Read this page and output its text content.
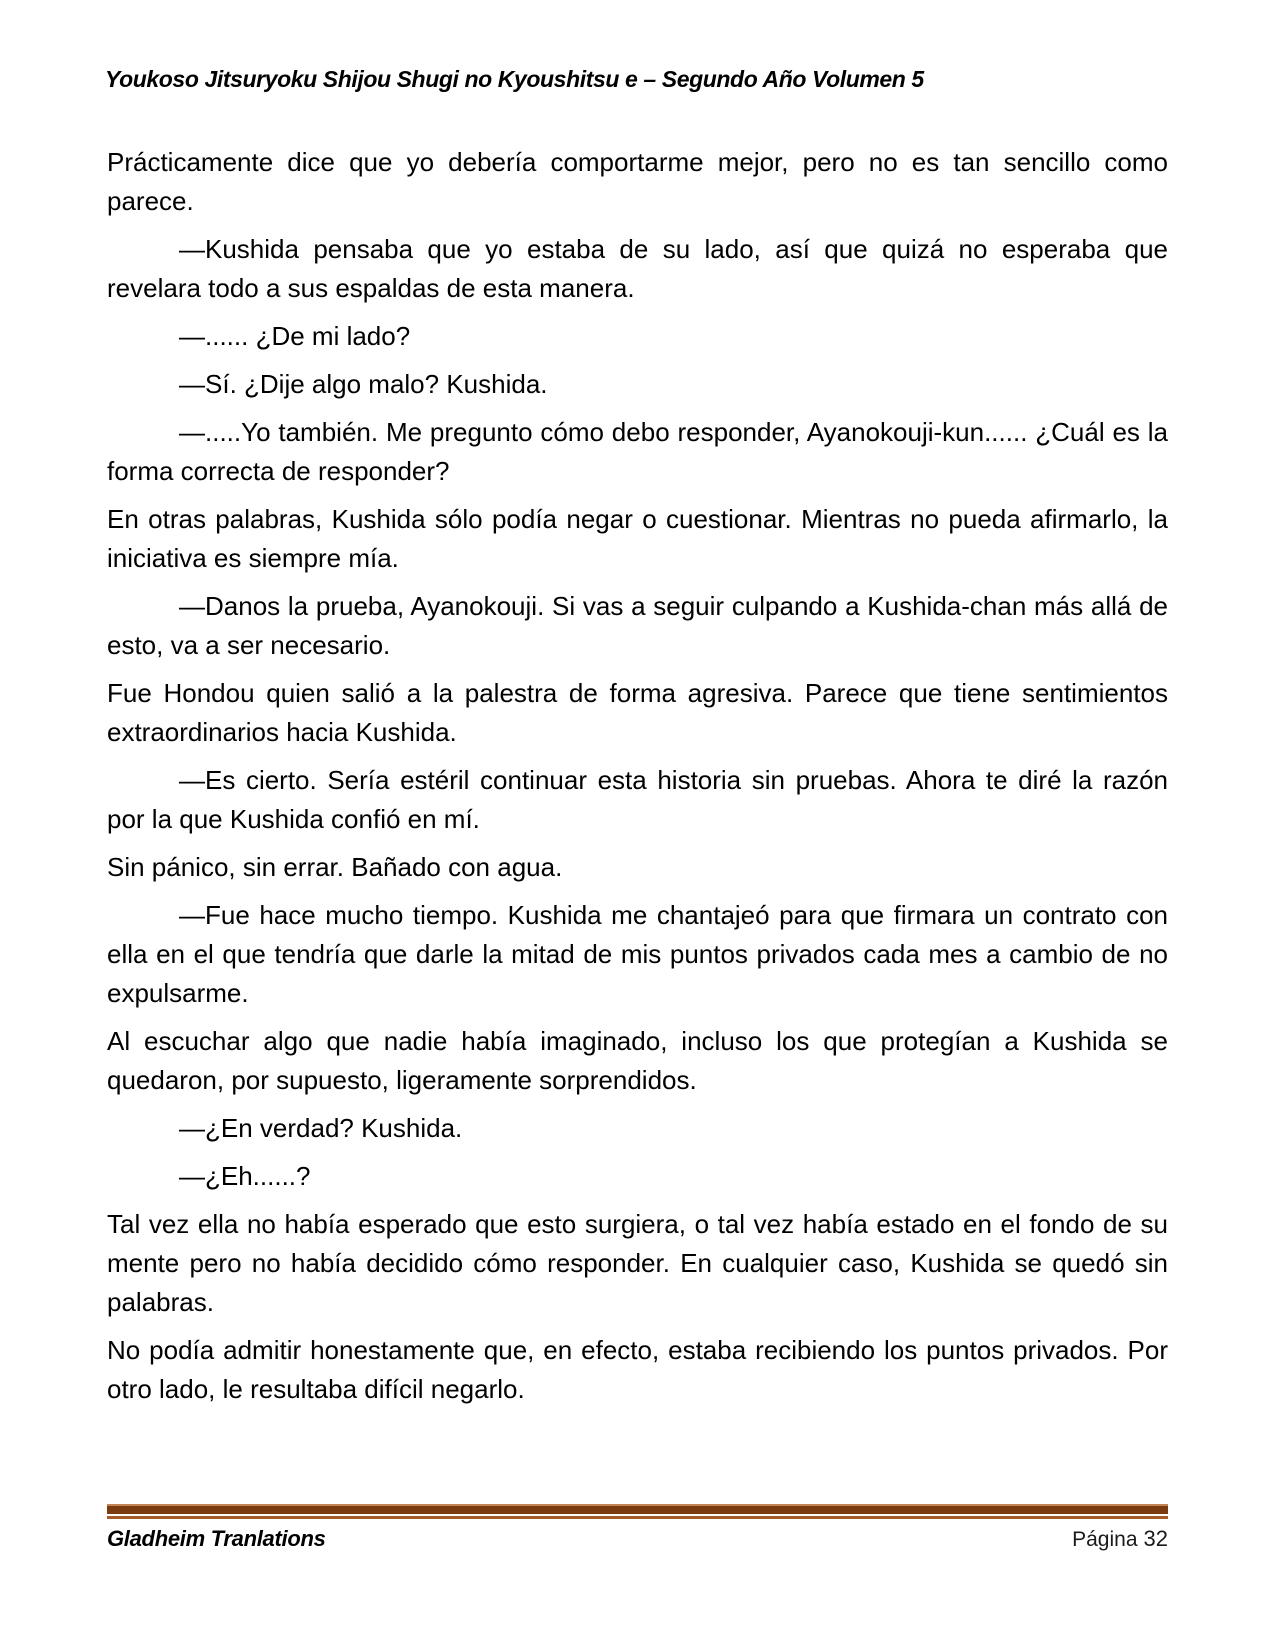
Youkoso Jitsuryoku Shijou Shugi no Kyoushitsu e – Segundo Año Volumen 5

Prácticamente dice que yo debería comportarme mejor, pero no es tan sencillo como parece.

—Kushida pensaba que yo estaba de su lado, así que quizá no esperaba que revelara todo a sus espaldas de esta manera.

—...... ¿De mi lado?

—Sí. ¿Dije algo malo? Kushida.

—.....Yo también. Me pregunto cómo debo responder, Ayanokouji-kun...... ¿Cuál es la forma correcta de responder?

En otras palabras, Kushida sólo podía negar o cuestionar. Mientras no pueda afirmarlo, la iniciativa es siempre mía.

—Danos la prueba, Ayanokouji. Si vas a seguir culpando a Kushida-chan más allá de esto, va a ser necesario.

Fue Hondou quien salió a la palestra de forma agresiva. Parece que tiene sentimientos extraordinarios hacia Kushida.

—Es cierto. Sería estéril continuar esta historia sin pruebas. Ahora te diré la razón por la que Kushida confió en mí.

Sin pánico, sin errar. Bañado con agua.

—Fue hace mucho tiempo. Kushida me chantajeó para que firmara un contrato con ella en el que tendría que darle la mitad de mis puntos privados cada mes a cambio de no expulsarme.

Al escuchar algo que nadie había imaginado, incluso los que protegían a Kushida se quedaron, por supuesto, ligeramente sorprendidos.

—¿En verdad? Kushida.

—¿Eh......?

Tal vez ella no había esperado que esto surgiera, o tal vez había estado en el fondo de su mente pero no había decidido cómo responder. En cualquier caso, Kushida se quedó sin palabras.

No podía admitir honestamente que, en efecto, estaba recibiendo los puntos privados. Por otro lado, le resultaba difícil negarlo.

Gladheim Tranlations	Página 32
